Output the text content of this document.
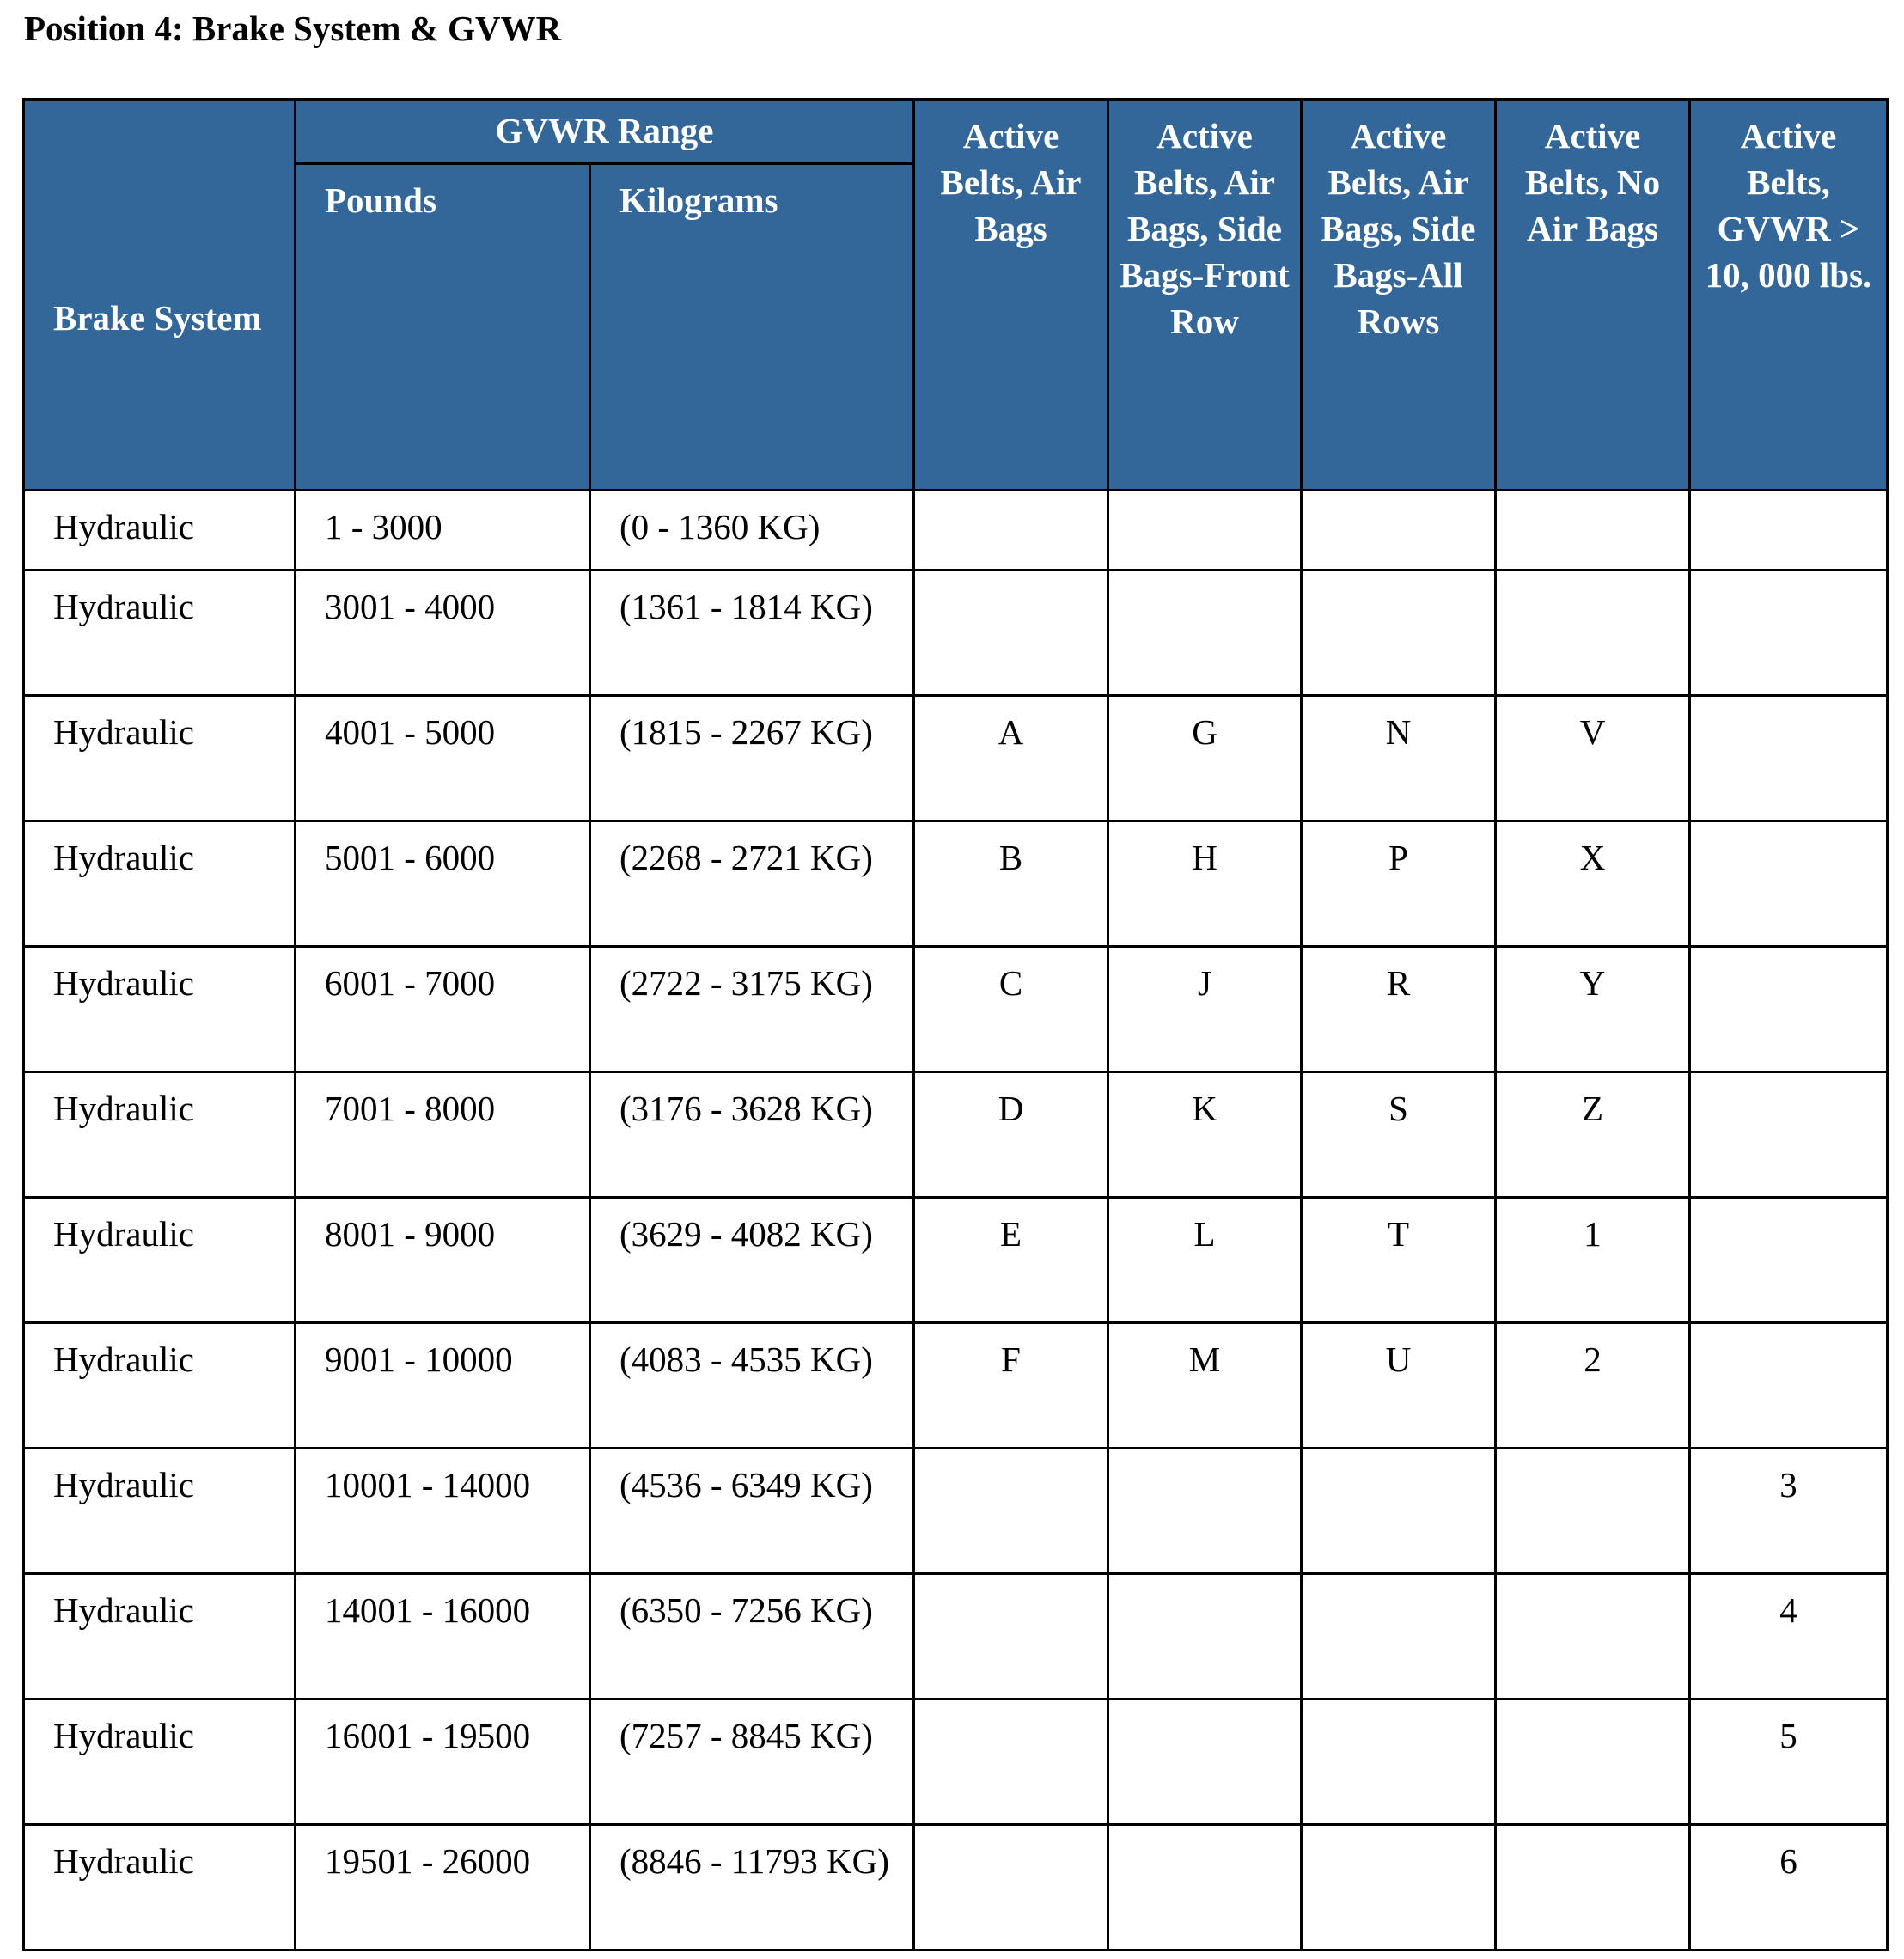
Position 4: Brake System & GVWR
Brake System	GVWR Range		Active Belts, Air Bags	Active Belts, Air Bags, Side Bags-Front Row	Active Belts, Air Bags, Side Bags-All Rows	Active Belts, No Air Bags	Active Belts, GVWR > 10, 000 lbs.
	Pounds	Kilograms					
Hydraulic	1 - 3000	(0 - 1360 KG)					
Hydraulic	3001 - 4000	(1361 - 1814 KG)					
Hydraulic	4001 - 5000	(1815 - 2267 KG)	A	G	N	V	
Hydraulic	5001 - 6000	(2268 - 2721 KG)	B	H	P	X	
Hydraulic	6001 - 7000	(2722 - 3175 KG)	C	J	R	Y	
Hydraulic	7001 - 8000	(3176 - 3628 KG)	D	K	S	Z	
Hydraulic	8001 - 9000	(3629 - 4082 KG)	E	L	T	1	
Hydraulic	9001 - 10000	(4083 - 4535 KG)	F	M	U	2	
Hydraulic	10001 - 14000	(4536 - 6349 KG)					3
Hydraulic	14001 - 16000	(6350 - 7256 KG)					4
Hydraulic	16001 - 19500	(7257 - 8845 KG)					5
Hydraulic	19501 - 26000	(8846 - 11793 KG)					6
